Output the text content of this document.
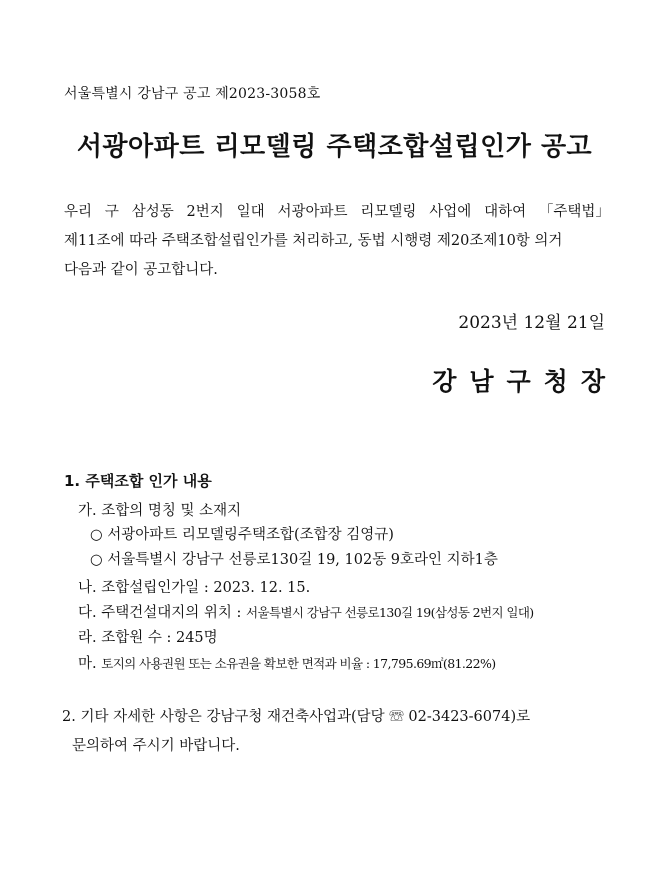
서울특별시 강남구 공고 제2023-3058호
서광아파트 리모델링 주택조합설립인가 공고
우리 구 삼성동 2번지 일대 서광아파트 리모델링 사업에 대하여 「주택법」
제11조에 따라 주택조합설립인가를 처리하고, 동법 시행령 제20조제10항 의거
다음과 같이 공고합니다.
2023년 12월 21일
강남구청장
1. 주택조합 인가 내용
가. 조합의 명칭 및 소재지
○ 서광아파트 리모델링주택조합(조합장 김영규)
○ 서울특별시 강남구 선릉로130길 19, 102동 9호라인 지하1층
나. 조합설립인가일 : 2023. 12. 15.
다. 주택건설대지의 위치 : 서울특별시 강남구 선릉로130길 19(삼성동 2번지 일대)
라. 조합원 수 : 245명
마. 토지의 사용권원 또는 소유권을 확보한 면적과 비율 : 17,795.69㎡(81.22%)
2. 기타 자세한 사항은 강남구청 재건축사업과(담당 ☏ 02-3423-6074)로
문의하여 주시기 바랍니다.
